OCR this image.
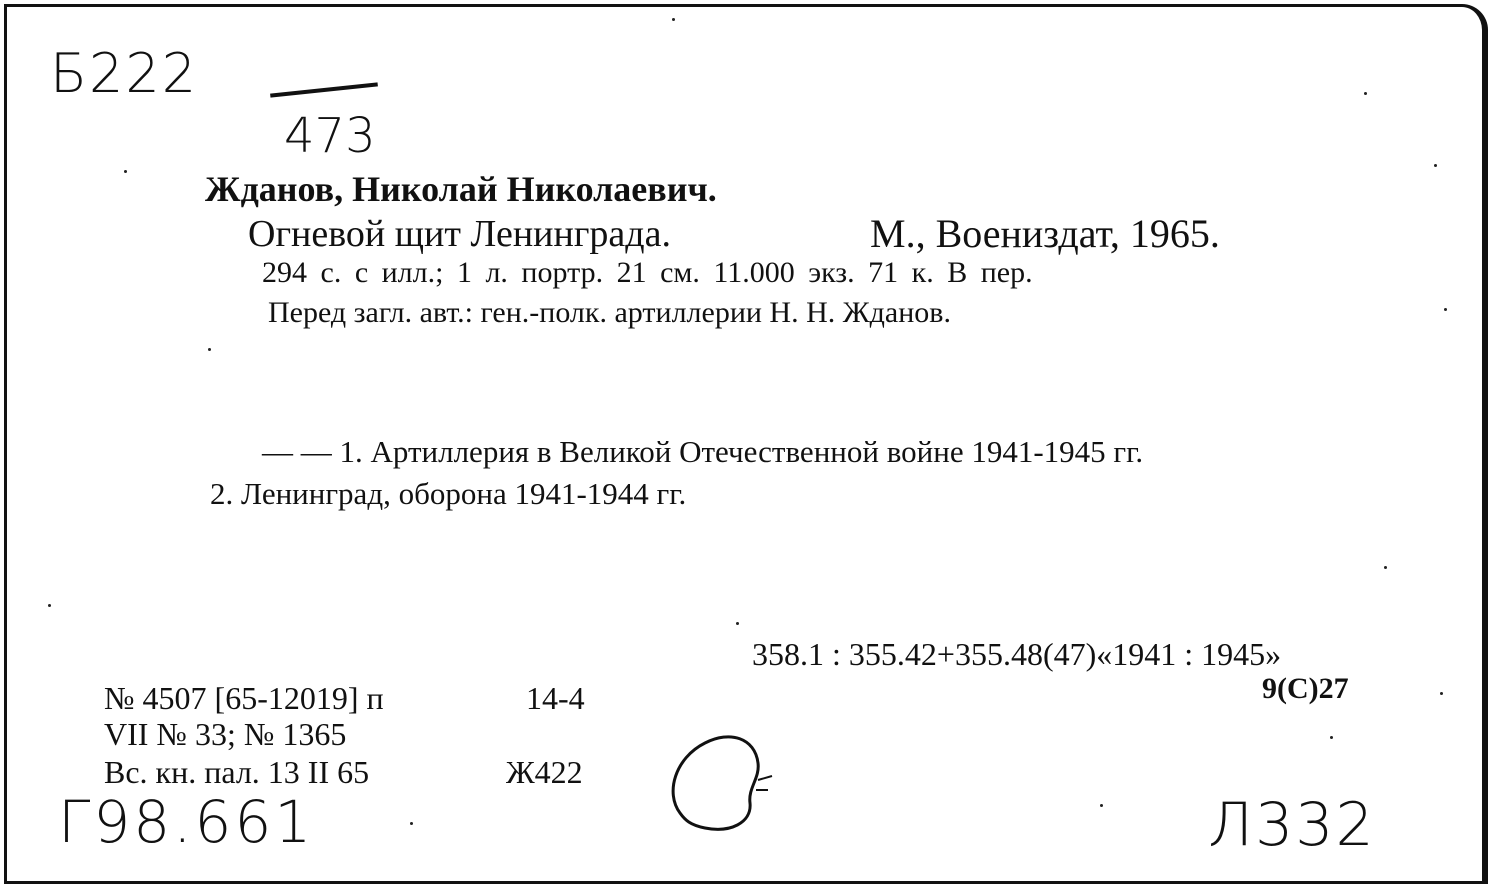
Б222
473
Жданов, Николай Николаевич.
Огневой щит Ленинграда.	М., Воениздат, 1965.
294 с. с илл.; 1 л. портр. 21 см. 11.000 экз. 71 к. В пер.
Перед загл. авт.: ген.-полк. артиллерии Н. Н. Жданов.
— — 1. Артиллерия в Великой Отечественной войне 1941-1945 гг.
2. Ленинград, оборона 1941-1944 гг.
358.1 : 355.42+355.48(47)«1941 : 1945»
9(С)27
№ 4507 [65-12019] п	14-4
VII № 33; № 1365
Вс. кн. пал. 13 II 65	Ж422
Г98.661	Л332
